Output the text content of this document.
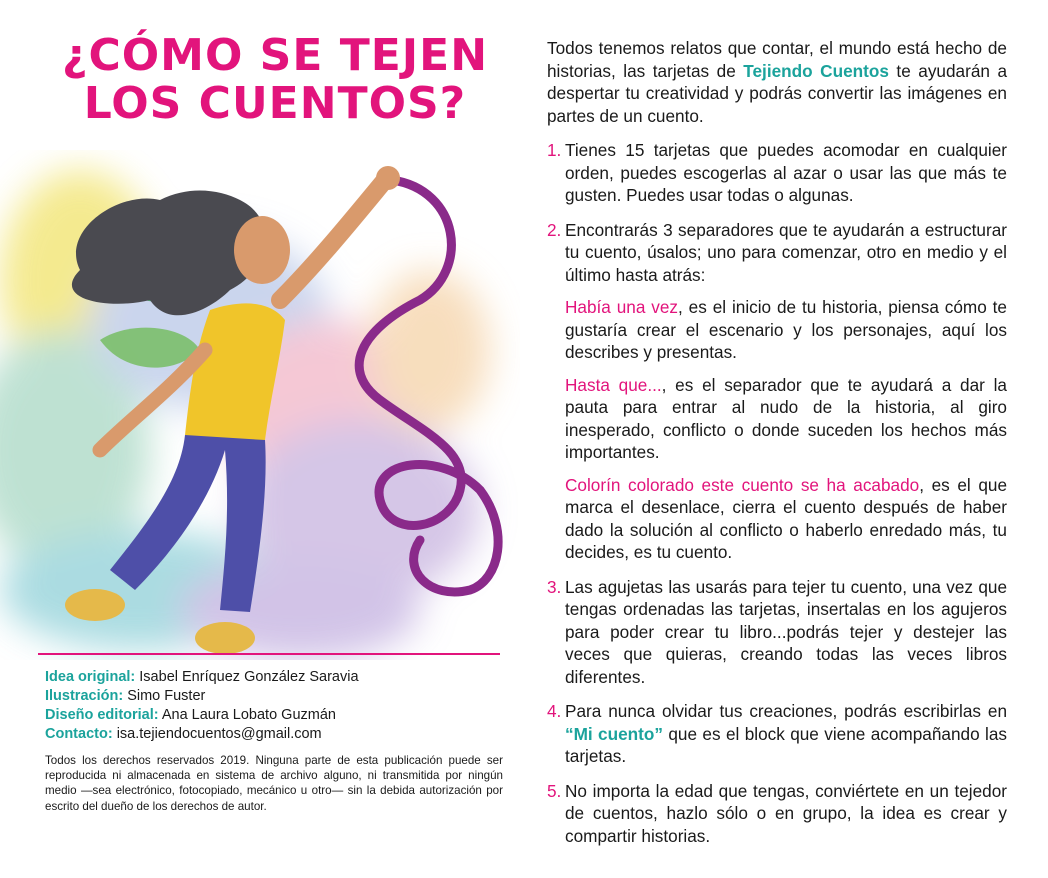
¿CÓMO SE TEJEN
LOS CUENTOS?
Idea original: Isabel Enríquez González Saravia
Ilustración: Simo Fuster
Diseño editorial: Ana Laura Lobato Guzmán
Contacto: isa.tejiendocuentos@gmail.com
Todos los derechos reservados 2019. Ninguna parte de esta publicación puede ser reproducida ni almacenada en sistema de archivo alguno, ni transmitida por ningún medio —sea electrónico, fotocopiado, mecánico u otro— sin la debida autorización por escrito del dueño de los derechos de autor.

Todos tenemos relatos que contar, el mundo está hecho de historias, las tarjetas de Tejiendo Cuentos te ayudarán a despertar tu creatividad y podrás convertir las imágenes en partes de un cuento.

1. Tienes 15 tarjetas que puedes acomodar en cualquier orden, puedes escogerlas al azar o usar las que más te gusten. Puedes usar todas o algunas.
2. Encontrarás 3 separadores que te ayudarán a estructurar tu cuento, úsalos; uno para comenzar, otro en medio y el último hasta atrás:

Había una vez, es el inicio de tu historia, piensa cómo te gustaría crear el escenario y los personajes, aquí los describes y presentas.

Hasta que..., es el separador que te ayudará a dar la pauta para entrar al nudo de la historia, al giro inesperado, conflicto o donde suceden los hechos más importantes.

Colorín colorado este cuento se ha acabado, es el que marca el desenlace, cierra el cuento después de haber dado la solución al conflicto o haberlo enredado más, tu decides, es tu cuento.

3. Las agujetas las usarás para tejer tu cuento, una vez que tengas ordenadas las tarjetas, insertalas en los agujeros para poder crear tu libro...podrás tejer y destejer las veces que quieras, creando todas las veces libros diferentes.
4. Para nunca olvidar tus creaciones, podrás escribirlas en “Mi cuento” que es el block que viene acompañando las tarjetas.
5. No importa la edad que tengas, conviértete en un tejedor de cuentos, hazlo sólo o en grupo, la idea es crear y compartir historias.
